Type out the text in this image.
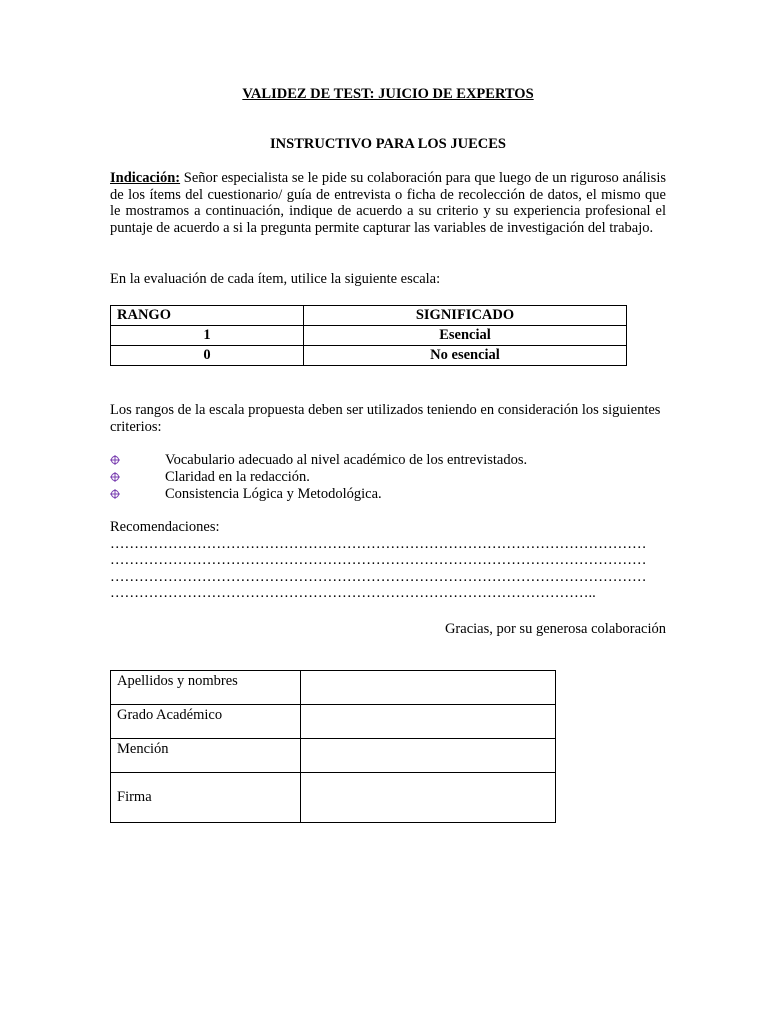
VALIDEZ DE TEST: JUICIO DE EXPERTOS
INSTRUCTIVO PARA LOS JUECES
Indicación: Señor especialista se le pide su colaboración para que luego de un riguroso análisis de los ítems del cuestionario/ guía de entrevista o ficha de recolección de datos, el mismo que le mostramos a continuación, indique de acuerdo a su criterio y su experiencia profesional el puntaje de acuerdo a si la pregunta permite capturar las variables de investigación del trabajo.
En la evaluación de cada ítem, utilice la siguiente escala:
RANGO	SIGNIFICADO
1	Esencial
0	No esencial
Los rangos de la escala propuesta deben ser utilizados teniendo en consideración los siguientes criterios:
Vocabulario adecuado al nivel académico de los entrevistados.
Claridad en la redacción.
Consistencia Lógica y Metodológica.
Recomendaciones:
…………………………………………………………………………………………………
…………………………………………………………………………………………………
…………………………………………………………………………………………………
………………………………………………………………………………………..
Gracias, por su generosa colaboración
Apellidos y nombres	
Grado Académico	
Mención	
Firma	
